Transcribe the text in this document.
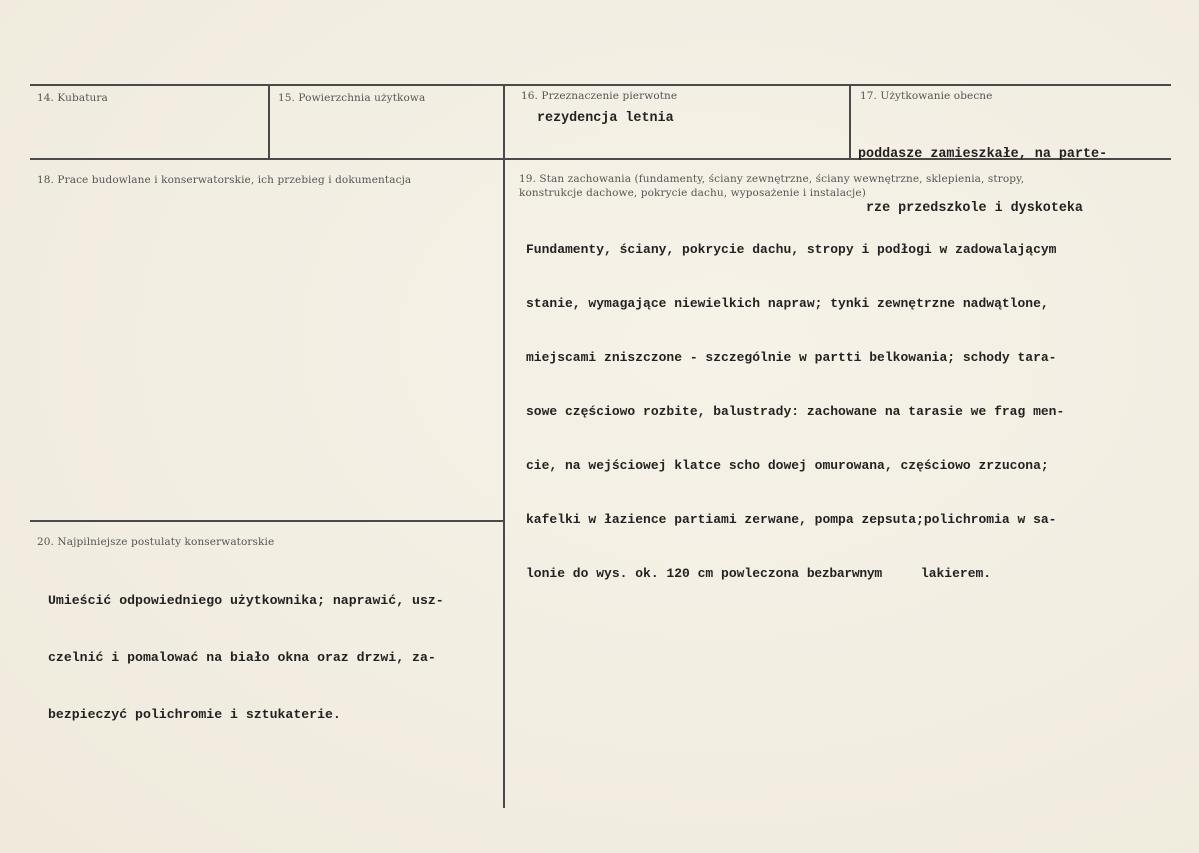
14. Kubatura	15. Powierzchnia użytkowa	16. Przeznaczenie pierwotne
rezydencja letnia
17. Użytkowanie obecne

poddasze zamieszkałe, na parte-

rze przedszkole i dyskoteka

18. Prace budowlane i konserwatorskie, ich przebieg i dokumentacja	19. Stan zachowania (fundamenty, ściany zewnętrzne, ściany wewnętrzne, sklepienia, stropy,
konstrukcje dachowe, pokrycie dachu, wyposażenie i instalacje)

Fundamenty, ściany, pokrycie dachu, stropy i podłogi w zadowalającym

stanie, wymagające niewielkich napraw; tynki zewnętrzne nadwątlone,

miejscami zniszczone - szczególnie w partti belkowania; schody tara-

sowe częściowo rozbite, balustrady: zachowane na tarasie we frag men-

cie, na wejściowej klatce scho dowej omurowana, częściowo zrzucona;

kafelki w łazience partiami zerwane, pompa zepsuta;polichromia w sa-

lonie do wys. ok. 120 cm powleczona bezbarwnym	lakierem.

20. Najpilniejsze postulaty konserwatorskie

Umieścić odpowiedniego użytkownika; naprawić, usz-

czelnić i pomalować na biało okna oraz drzwi, za-

bezpieczyć polichromie i sztukaterie.
